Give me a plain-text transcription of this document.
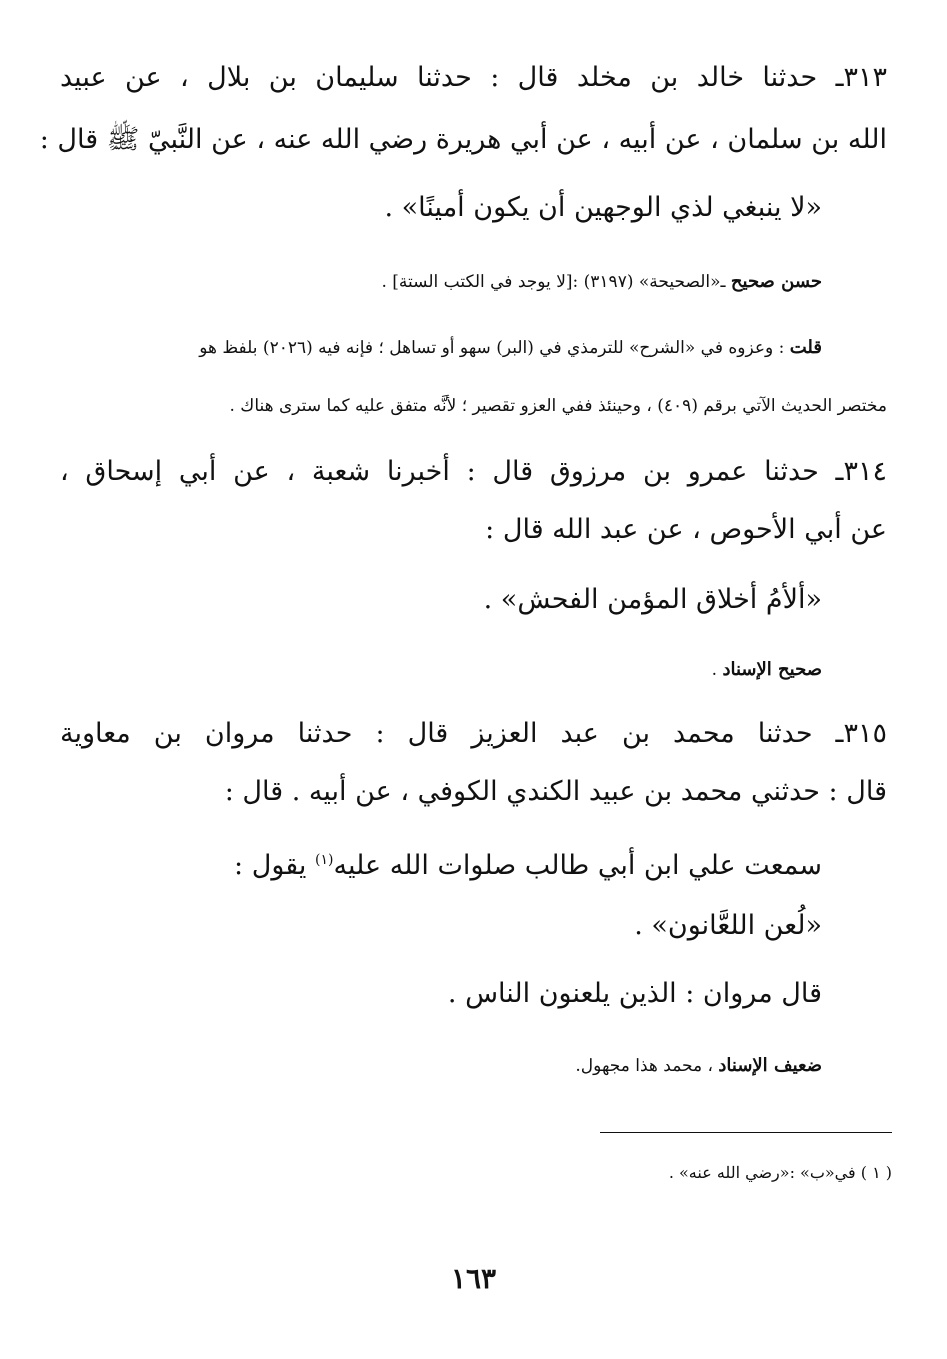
٣١٣ـ حدثنا خالد بن مخلد قال : حدثنا سليمان بن بلال ، عن عبيد
الله بن سلمان ، عن أبيه ، عن أبي هريرة رضي الله عنه ، عن النَّبيّ ﷺ قال :
«لا ينبغي لذي الوجهين أن يكون أمينًا» .
حسن صحيح ـ«الصحيحة» (٣١٩٧) :[لا يوجد في الكتب الستة] .
قلت : وعزوه في «الشرح» للترمذي في (البر) سهو أو تساهل ؛ فإنه فيه (٢٠٢٦) بلفظ هو
مختصر الحديث الآتي برقم (٤٠٩) ، وحينئذ ففي العزو تقصير ؛ لأنَّه متفق عليه كما سترى هناك .
٣١٤ـ حدثنا عمرو بن مرزوق قال : أخبرنا شعبة ، عن أبي إسحاق ،
عن أبي الأحوص ، عن عبد الله قال :
«ألأمُ أخلاق المؤمن الفحش» .
صحيح الإسناد .
٣١٥ـ حدثنا محمد بن عبد العزيز قال : حدثنا مروان بن معاوية
قال : حدثني محمد بن عبيد الكندي الكوفي ، عن أبيه . قال :
سمعت علي ابن أبي طالب صلوات الله عليه$^{(١)}$ يقول :
«لُعن اللعَّانون» .
قال مروان : الذين يلعنون الناس .
ضعيف الإسناد ، محمد هذا مجهول.
( ١ ) في«ب» :«رضي الله عنه» .
١٦٣
